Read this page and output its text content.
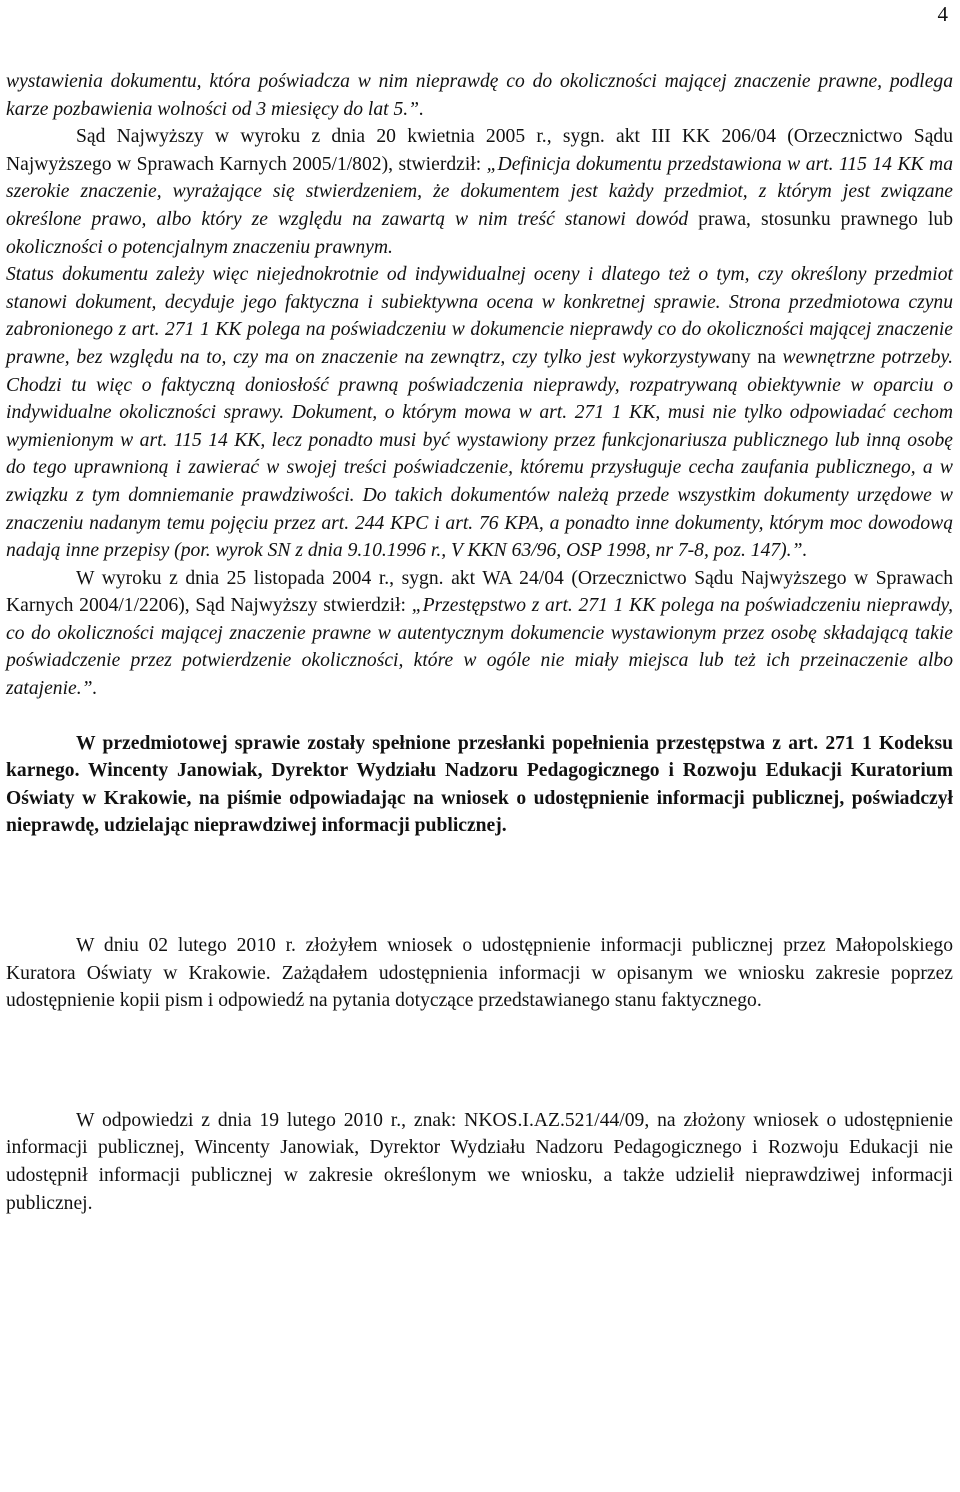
4

wystawienia dokumentu, która poświadcza w nim nieprawdę co do okoliczności mającej znaczenie prawne, podlega karze pozbawienia wolności od 3 miesięcy do lat 5.”.

Sąd Najwyższy w wyroku z dnia 20 kwietnia 2005 r., sygn. akt III KK 206/04 (Orzecznictwo Sądu Najwyższego w Sprawach Karnych 2005/1/802), stwierdził: „Definicja dokumentu przedstawiona w art. 115 14 KK ma szerokie znaczenie, wyrażające się stwierdzeniem, że dokumentem jest każdy przedmiot, z którym jest związane określone prawo, albo który ze względu na zawartą w nim treść stanowi dowód prawa, stosunku prawnego lub okoliczności o potencjalnym znaczeniu prawnym.

Status dokumentu zależy więc niejednokrotnie od indywidualnej oceny i dlatego też o tym, czy określony przedmiot stanowi dokument, decyduje jego faktyczna i subiektywna ocena w konkretnej sprawie. Strona przedmiotowa czynu zabronionego z art. 271 1 KK polega na poświadczeniu w dokumencie nieprawdy co do okoliczności mającej znaczenie prawne, bez względu na to, czy ma on znaczenie na zewnątrz, czy tylko jest wykorzystywany na wewnętrzne potrzeby. Chodzi tu więc o faktyczną doniosłość prawną poświadczenia nieprawdy, rozpatrywaną obiektywnie w oparciu o indywidualne okoliczności sprawy. Dokument, o którym mowa w art. 271 1 KK, musi nie tylko odpowiadać cechom wymienionym w art. 115 14 KK, lecz ponadto musi być wystawiony przez funkcjonariusza publicznego lub inną osobę do tego uprawnioną i zawierać w swojej treści poświadczenie, któremu przysługuje cecha zaufania publicznego, a w związku z tym domniemanie prawdziwości. Do takich dokumentów należą przede wszystkim dokumenty urzędowe w znaczeniu nadanym temu pojęciu przez art. 244 KPC i art. 76 KPA, a ponadto inne dokumenty, którym moc dowodową nadają inne przepisy (por. wyrok SN z dnia 9.10.1996 r., V KKN 63/96, OSP 1998, nr 7-8, poz. 147).”.

W wyroku z dnia 25 listopada 2004 r., sygn. akt WA 24/04 (Orzecznictwo Sądu Najwyższego w Sprawach Karnych 2004/1/2206), Sąd Najwyższy stwierdził: „Przestępstwo z art. 271 1 KK polega na poświadczeniu nieprawdy, co do okoliczności mającej znaczenie prawne w autentycznym dokumencie wystawionym przez osobę składającą takie poświadczenie przez potwierdzenie okoliczności, które w ogóle nie miały miejsca lub też ich przeinaczenie albo zatajenie.”.

W przedmiotowej sprawie zostały spełnione przesłanki popełnienia przestępstwa z art. 271 1 Kodeksu karnego. Wincenty Janowiak, Dyrektor Wydziału Nadzoru Pedagogicznego i Rozwoju Edukacji Kuratorium Oświaty w Krakowie, na piśmie odpowiadając na wniosek o udostępnienie informacji publicznej, poświadczył nieprawdę, udzielając nieprawdziwej informacji publicznej.

W dniu 02 lutego 2010 r. złożyłem wniosek o udostępnienie informacji publicznej przez Małopolskiego Kuratora Oświaty w Krakowie. Zażądałem udostępnienia informacji w opisanym we wniosku zakresie poprzez udostępnienie kopii pism i odpowiedź na pytania dotyczące przedstawianego stanu faktycznego.

W odpowiedzi z dnia 19 lutego 2010 r., znak: NKOS.I.AZ.521/44/09, na złożony wniosek o udostępnienie informacji publicznej, Wincenty Janowiak, Dyrektor Wydziału Nadzoru Pedagogicznego i Rozwoju Edukacji nie udostępnił informacji publicznej w zakresie określonym we wniosku, a także udzielił nieprawdziwej informacji publicznej.
